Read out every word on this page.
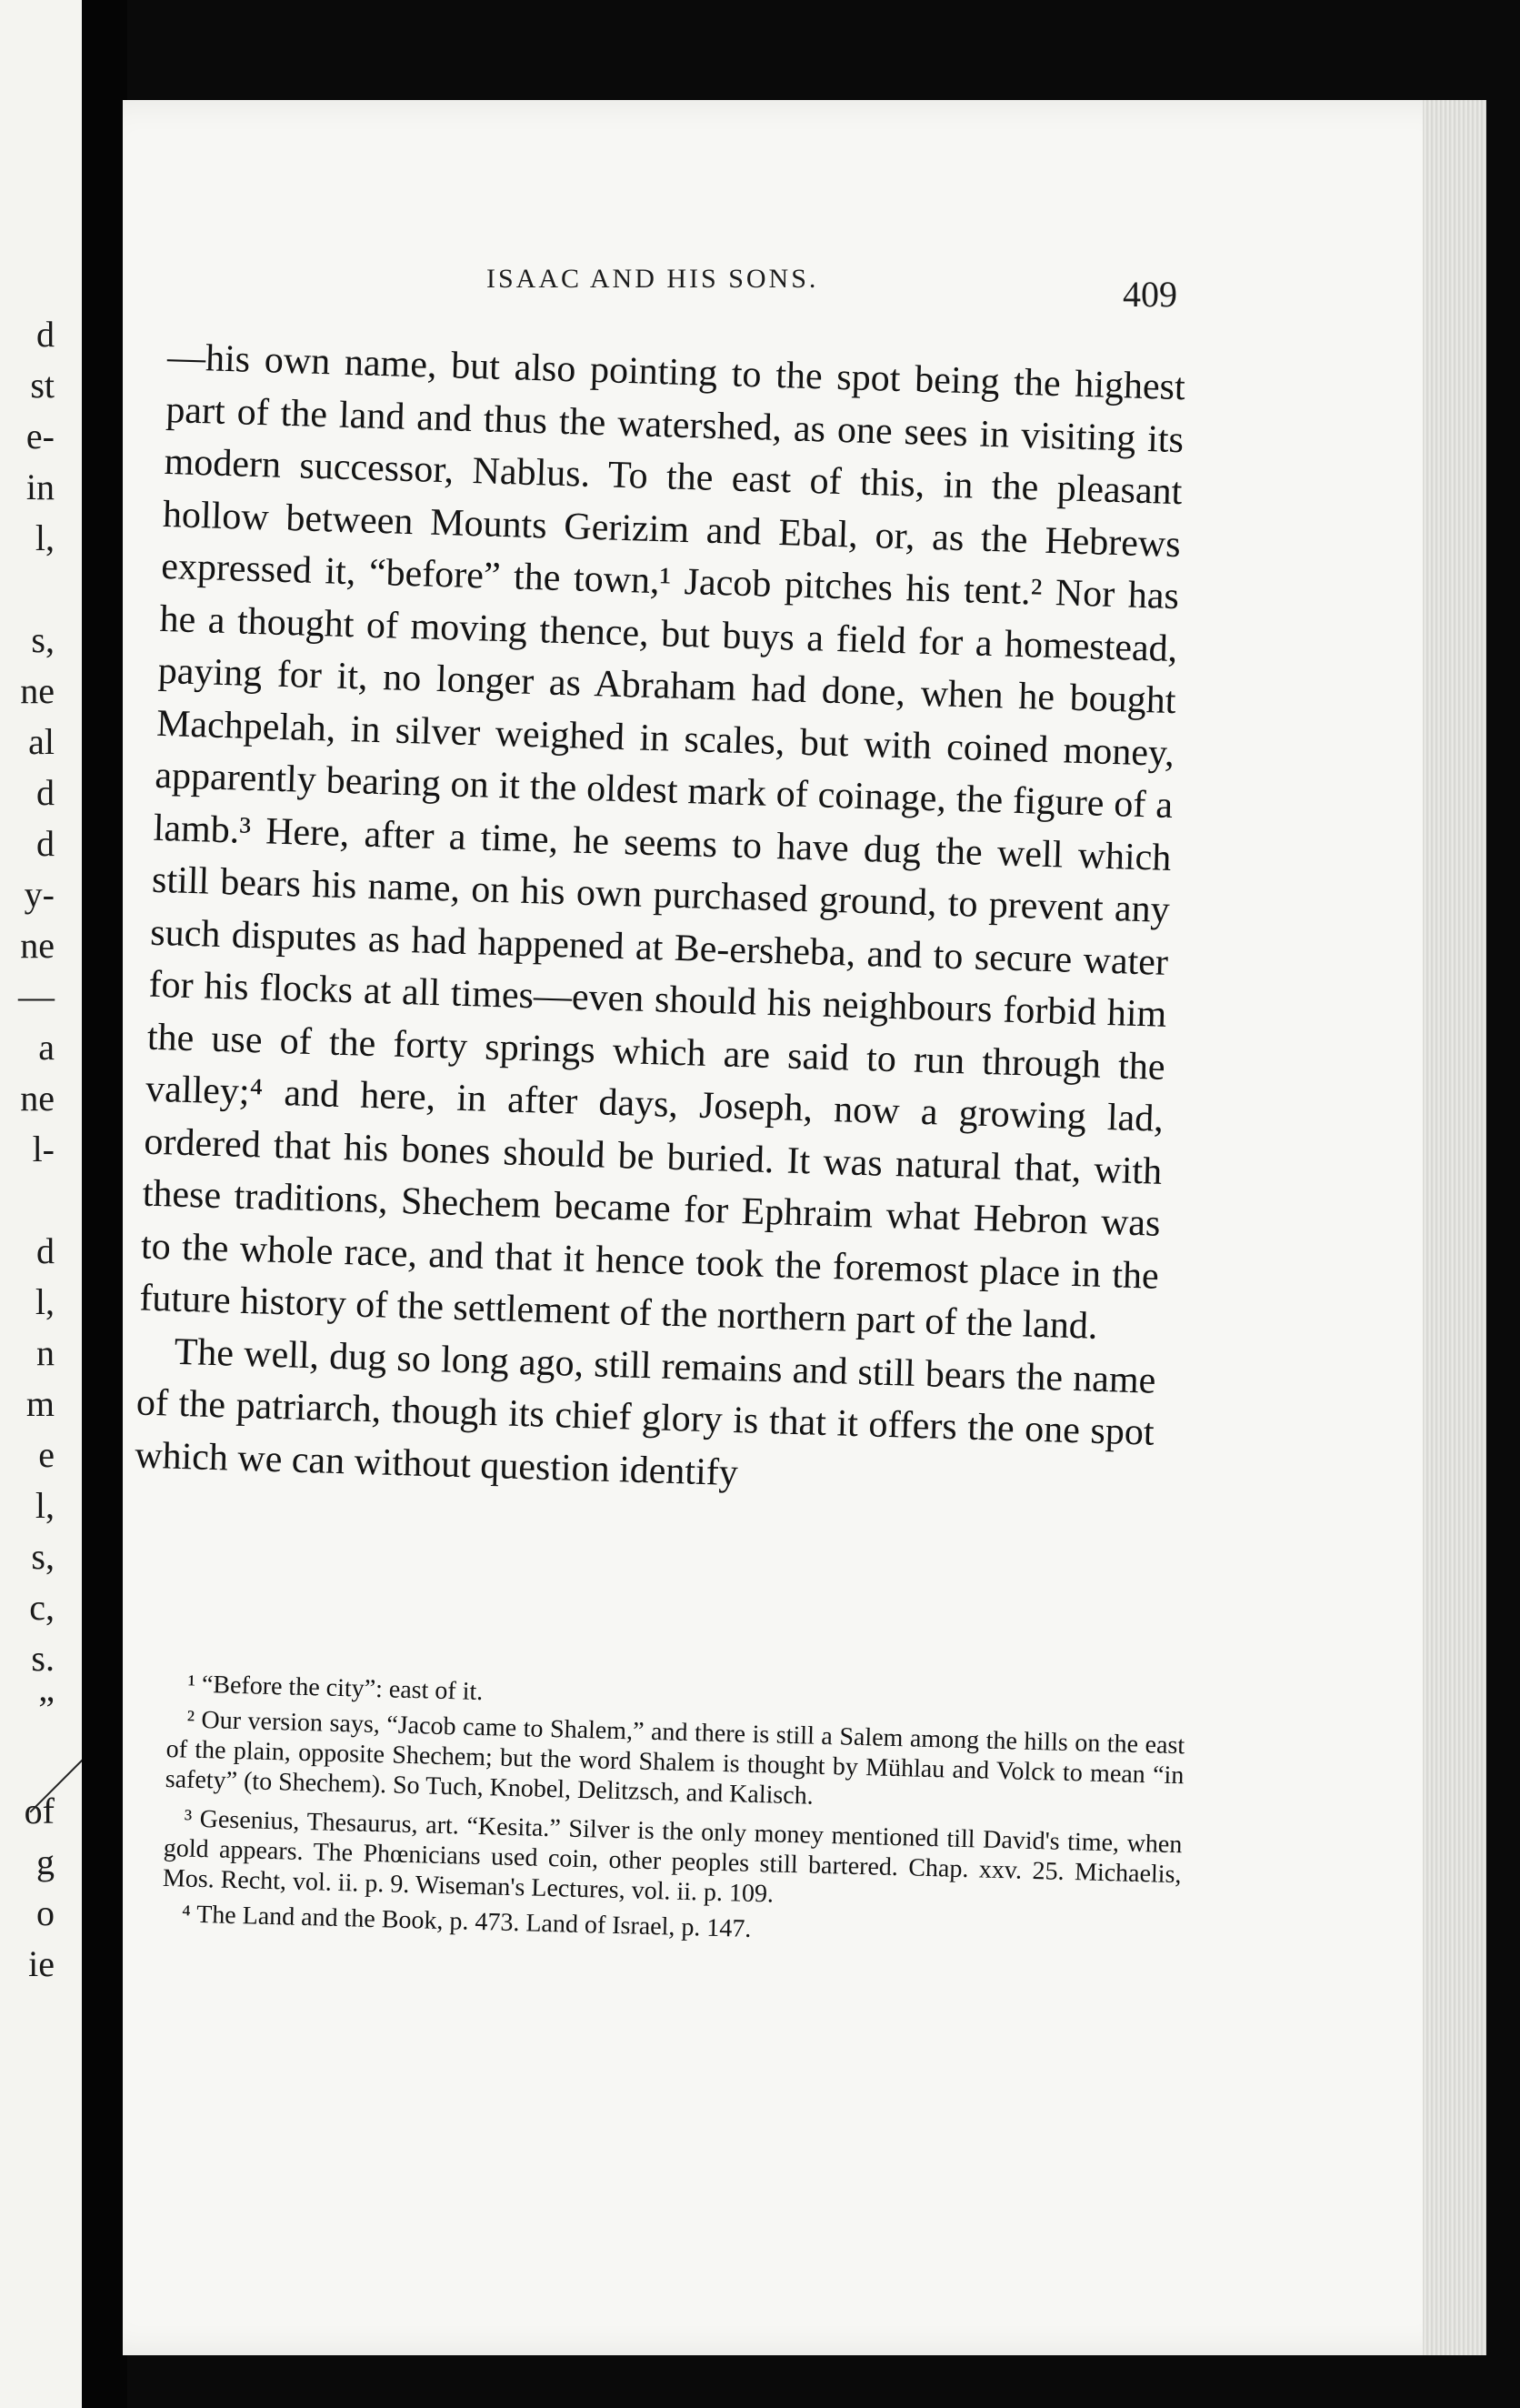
d
st
e-
in
l,
s,
ne
al
d
d
y-
ne
—
a
ne
l-
d
l,
n
m
e
l,
s,
c,
s.
”
of
g
o
ie
ISAAC AND HIS SONS.	409

—his own name, but also pointing to the spot being the highest part of the land and thus the watershed, as one sees in visiting its modern successor, Nablus. To the east of this, in the pleasant hollow between Mounts Gerizim and Ebal, or, as the Hebrews expressed it, “before” the town,¹ Jacob pitches his tent.² Nor has he a thought of moving thence, but buys a field for a homestead, paying for it, no longer as Abraham had done, when he bought Machpelah, in silver weighed in scales, but with coined money, apparently bearing on it the oldest mark of coinage, the figure of a lamb.³ Here, after a time, he seems to have dug the well which still bears his name, on his own purchased ground, to prevent any such disputes as had happened at Be-ersheba, and to secure water for his flocks at all times—even should his neighbours forbid him the use of the forty springs which are said to run through the valley;⁴ and here, in after days, Joseph, now a growing lad, ordered that his bones should be buried. It was natural that, with these traditions, Shechem became for Ephraim what Hebron was to the whole race, and that it hence took the foremost place in the future history of the settlement of the northern part of the land.

The well, dug so long ago, still remains and still bears the name of the patriarch, though its chief glory is that it offers the one spot which we can without question identify

¹ “Before the city”: east of it.

² Our version says, “Jacob came to Shalem,” and there is still a Salem among the hills on the east of the plain, opposite Shechem; but the word Shalem is thought by Mühlau and Volck to mean “in safety” (to Shechem). So Tuch, Knobel, Delitzsch, and Kalisch.

³ Gesenius, Thesaurus, art. “Kesita.” Silver is the only money mentioned till David's time, when gold appears. The Phœnicians used coin, other peoples still bartered. Chap. xxv. 25. Michaelis, Mos. Recht, vol. ii. p. 9. Wiseman's Lectures, vol. ii. p. 109.

⁴ The Land and the Book, p. 473. Land of Israel, p. 147.
